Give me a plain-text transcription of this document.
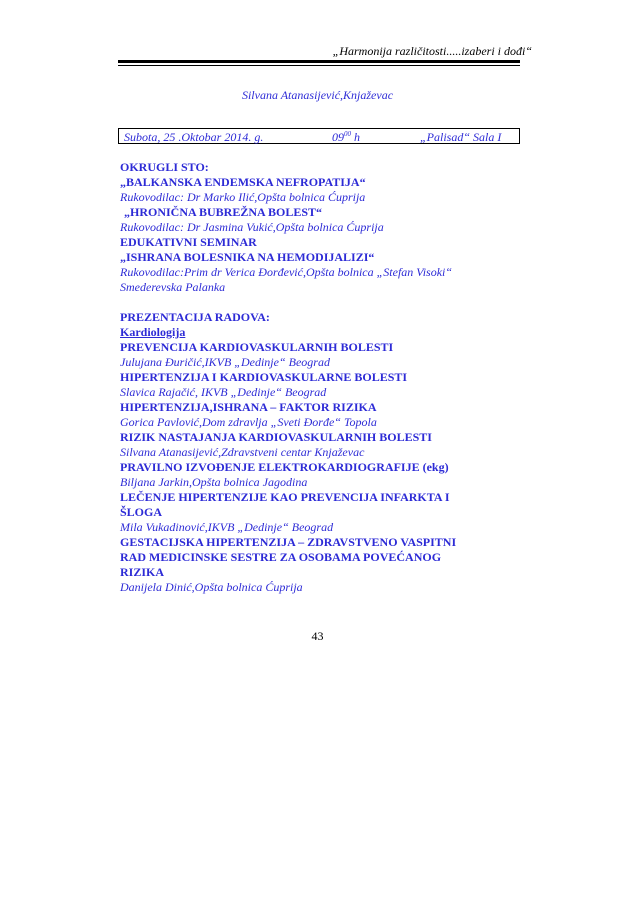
„Harmonija različitosti.....izaberi i dođi“
Silvana Atanasijević,Knjaževac
Subota, 25 .Oktobar 2014. g.	$09^{00}$ h	„Palisad“ Sala I

OKRUGLI STO:

„BALKANSKA ENDEMSKA NEFROPATIJA“

Rukovodilac: Dr Marko Ilić,Opšta bolnica Ćuprija

„HRONIČNA BUBREŽNA BOLEST“

Rukovodilac: Dr Jasmina Vukić,Opšta bolnica Ćuprija

EDUKATIVNI SEMINAR

„ISHRANA BOLESNIKA NA HEMODIJALIZI“

Rukovodilac:Prim dr Verica Đorđević,Opšta bolnica „Stefan Visoki“

Smederevska Palanka

PREZENTACIJA RADOVA:

Kardiologija

PREVENCIJA KARDIOVASKULARNIH BOLESTI

Julujana Đuričić,IKVB „Dedinje“ Beograd

HIPERTENZIJA I KARDIOVASKULARNE BOLESTI

Slavica Rajačić, IKVB „Dedinje“ Beograd

HIPERTENZIJA,ISHRANA – FAKTOR RIZIKA

Gorica Pavlović,Dom zdravlja „Sveti Đorđe“ Topola

RIZIK NASTAJANJA KARDIOVASKULARNIH BOLESTI

Silvana Atanasijević,Zdravstveni centar Knjaževac

PRAVILNO IZVOĐENJE ELEKTROKARDIOGRAFIJE (ekg)

Biljana Jarkin,Opšta bolnica Jagodina

LEČENJE HIPERTENZIJE KAO PREVENCIJA INFARKTA I

ŠLOGA

Mila Vukadinović,IKVB „Dedinje“ Beograd

GESTACIJSKA HIPERTENZIJA – ZDRAVSTVENO VASPITNI

RAD MEDICINSKE SESTRE ZA OSOBAMA POVEĆANOG

RIZIKA

Danijela Dinić,Opšta bolnica Ćuprija

43
